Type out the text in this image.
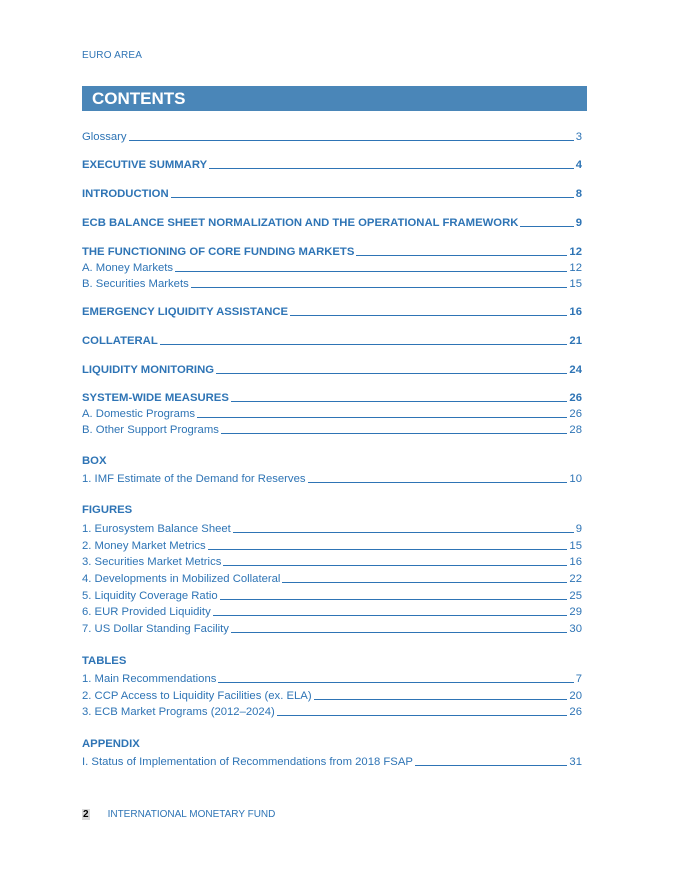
EURO AREA
CONTENTS
Glossary	3
EXECUTIVE SUMMARY	4
INTRODUCTION	8
ECB BALANCE SHEET NORMALIZATION AND THE OPERATIONAL FRAMEWORK	9
THE FUNCTIONING OF CORE FUNDING MARKETS	12
A. Money Markets	12
B. Securities Markets	15
EMERGENCY LIQUIDITY ASSISTANCE	16
COLLATERAL	21
LIQUIDITY MONITORING	24
SYSTEM-WIDE MEASURES	26
A. Domestic Programs	26
B. Other Support Programs	28
BOX
1. IMF Estimate of the Demand for Reserves	10
FIGURES
1. Eurosystem Balance Sheet	9
2. Money Market Metrics	15
3. Securities Market Metrics	16
4. Developments in Mobilized Collateral	22
5. Liquidity Coverage Ratio	25
6. EUR Provided Liquidity	29
7. US Dollar Standing Facility	30
TABLES
1. Main Recommendations	7
2. CCP Access to Liquidity Facilities (ex. ELA)	20
3. ECB Market Programs (2012–2024)	26
APPENDIX
I. Status of Implementation of Recommendations from 2018 FSAP	31
2 INTERNATIONAL MONETARY FUND
